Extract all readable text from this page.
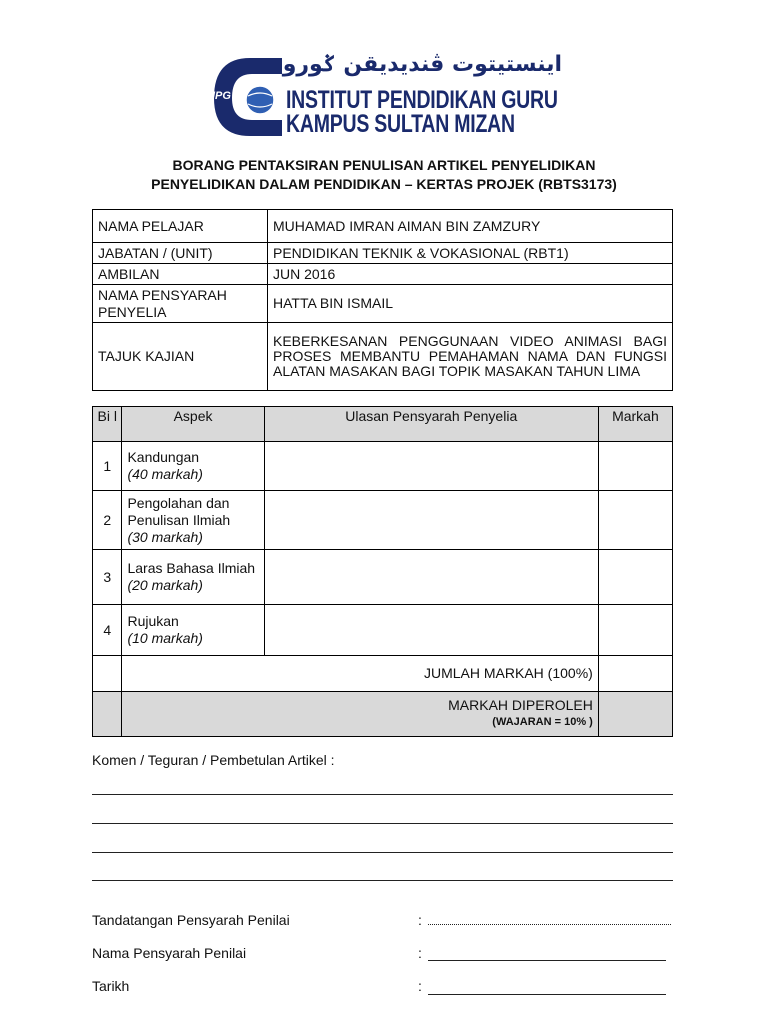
IPG
اينستيتوت ڤنديديقن ݢورو
INSTITUT PENDIDIKAN GURU
KAMPUS SULTAN MIZAN
BORANG PENTAKSIRAN PENULISAN ARTIKEL PENYELIDIKAN
PENYELIDIKAN DALAM PENDIDIKAN – KERTAS PROJEK (RBTS3173)
NAMA PELAJAR	MUHAMAD IMRAN AIMAN BIN ZAMZURY
JABATAN / (UNIT)	PENDIDIKAN TEKNIK & VOKASIONAL (RBT1)
AMBILAN	JUN 2016
NAMA PENSYARAH PENYELIA	HATTA BIN ISMAIL
TAJUK KAJIAN	KEBERKESANAN PENGGUNAAN VIDEO ANIMASI BAGI PROSES MEMBANTU PEMAHAMAN NAMA DAN FUNGSI ALATAN MASAKAN BAGI TOPIK MASAKAN TAHUN LIMA
Bi l	Aspek	Ulasan Pensyarah Penyelia	Markah
1	Kandungan
(40 markah)		

2	Pengolahan dan Penulisan Ilmiah
(30 markah)		

3	Laras Bahasa Ilmiah
(20 markah)		

4	Rujukan
(10 markah)		

	JUMLAH MARKAH (100%)		

	MARKAH DIPEROLEH
(WAJARAN = 10% )		

Komen / Teguran / Pembetulan Artikel :
Tandatangan Pensyarah Penilai	:
Nama Pensyarah Penilai	:
Tarikh	:
